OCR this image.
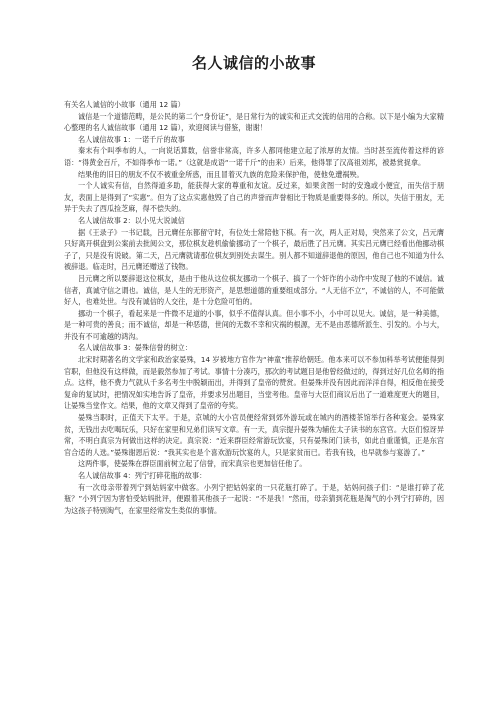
名人诚信的小故事

有关名人诚信的小故事（通用 12 篇）

诚信是一个道德范畴，是公民的第二个“身份证”，是日常行为的诚实和正式交流的信用的合称。以下是小编为大家精心整理的名人诚信故事（通用 12 篇），欢迎阅读与借鉴，谢谢！

名人诚信故事 1：一诺千斤的故事

秦末有个叫季布的人，一向说话算数，信誉非常高，许多人都同他建立起了浓厚的友情。当时甚至流传着这样的谚语：“得黄金百斤，不如得季布一诺。”（这就是成语“一诺千斤”的由来）后来，他得罪了汉高祖刘邦，被悬赏捉拿。

结果他的旧日的朋友不仅不被重金所惑，而且冒着灭九族的危险来保护他，使他免遭祸殃。

一个人诚实有信，自然得道多助，能获得大家的尊重和友谊。反过来，如果贪图一时的安逸或小便宜，而失信于朋友，表面上是得到了“实惠”。但为了这点实惠他毁了自己的声誉而声誉相比于物质是重要得多的。所以，失信于朋友，无异于失去了西瓜捡芝麻，得不偿失的。

名人诚信故事 2：以小见大说诚信

据《王录子》一书记载，吕元膺任东都留守时，有位处士常陪他下棋。有一次，两人正对局，突然来了公文，吕元膺只好离开棋盘到公案前去批阅公文，那位棋友趁机偷偷挪动了一个棋子，最后胜了吕元膺。其实吕元膺已经看出他挪动棋子了，只是没有说破。第二天，吕元膺就请那位棋友到别处去谋生。别人都不知道辞退他的原因，他自己也不知道为什么被辞退。临走时，吕元膺还赠送了钱物。

吕元膺之所以要辞退这位棋友，是由于他从这位棋友挪动一个棋子、搞了一个奸诈的小动作中发现了他的不诚信。诚信者，真诚守信之谓也。诚信，是人生的无形资产，是思想道德的重要组成部分。“人无信不立”，不诚信的人，不可能做好人，也难处世。与没有诚信的人交往，是十分危险可怕的。

挪动一个棋子，看起来是一件微不足道的小事，似乎不值得认真。但小事不小，小中可以见大。诚信，是一种美德，是一种可贵的善良；而不诚信，却是一种恶德，世间的无数不幸和灾祸的根源，无不是由恶德所派生、引发的。小与大，并没有不可逾越的鸿沟。

名人诚信故事 3：晏殊信誉的树立：

北宋时期著名的文学家和政治家晏殊，14 岁被地方官作为“神童”推荐给朝廷。他本来可以不参加科举考试便能得到官职，但他没有这样做，而是毅然参加了考试。事情十分凑巧，那次的考试题目是他曾经做过的，得到过好几位名师的指点。这样，他不费力气就从千多名考生中脱颖而出，并得到了皇帝的赞赏。但晏殊并没有因此而洋洋自得，相反他在接受复命的复试时，把情况如实地告诉了皇帝，并要求另出题目，当堂考他。皇帝与大臣们商议后出了一道难度更大的题目，让晏殊当堂作文。结果，他的文章又得到了皇帝的夸奖。

晏殊当职时，正值天下太平。于是，京城的大小官员便经常到郊外游玩或在城内的酒楼茶馆举行各种宴会。晏殊家贫，无钱出去吃喝玩乐，只好在家里和兄弟们读写文章。有一天，真宗提升晏殊为辅佐太子读书的东宫官。大臣们惊讶异常，不明白真宗为何做出这样的决定。真宗说：“近来群臣经常游玩饮宴，只有晏殊闭门读书，如此自重谨慎，正是东宫官合适的人选。”晏殊谢恩后说：“我其实也是个喜欢游玩饮宴的人，只是家贫而已。若我有钱，也早就参与宴游了。”

这两件事，使晏殊在群臣面前树立起了信誉，而宋真宗也更加信任他了。

名人诚信故事 4：列宁打碎花瓶的故事：

有一次母亲带着列宁到姑妈家中做客。小列宁把姑妈家的一只花瓶打碎了。于是，姑妈问孩子们：“是谁打碎了花瓶？”小列宁因为害怕受姑妈批评，便跟着其他孩子一起说：“不是我！”然而，母亲猜到花瓶是淘气的小列宁打碎的，因为这孩子特别淘气，在家里经常发生类似的事情。
